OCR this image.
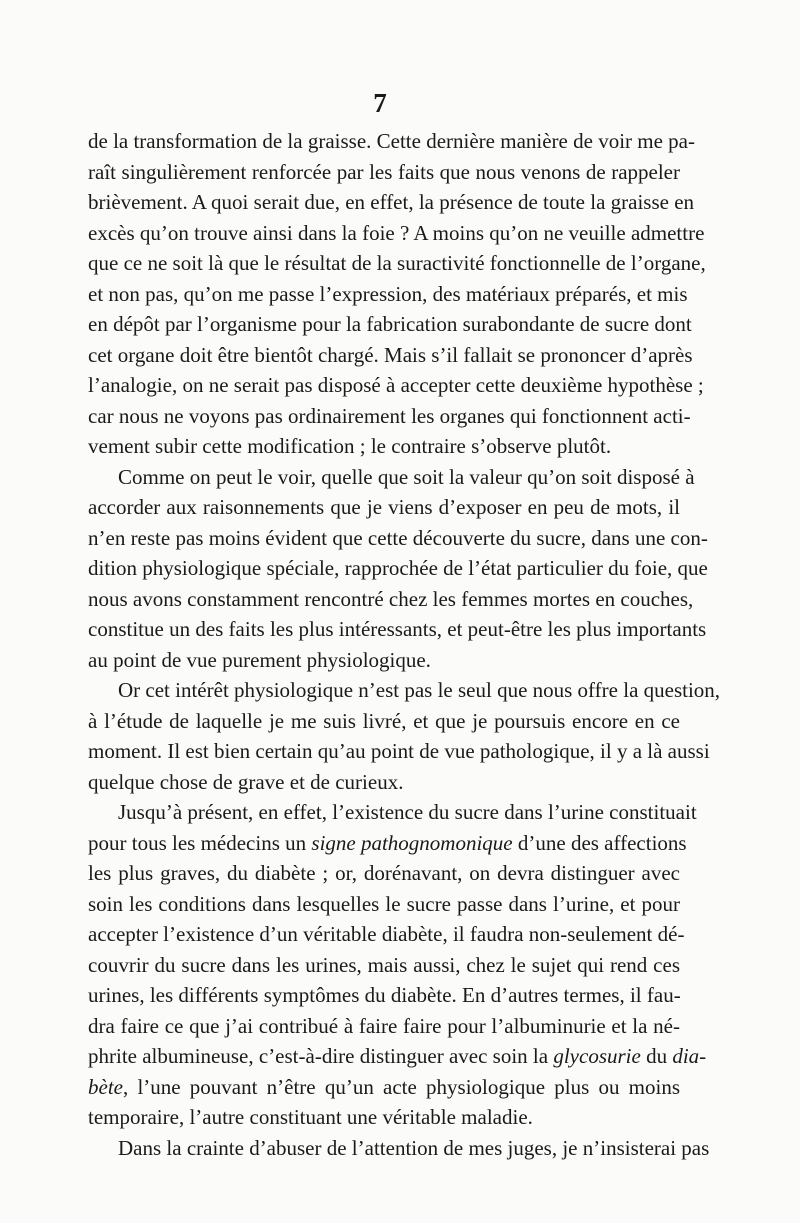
7
de la transformation de la graisse. Cette dernière manière de voir me pa-
raît singulièrement renforcée par les faits que nous venons de rappeler
brièvement. A quoi serait due, en effet, la présence de toute la graisse en
excès qu’on trouve ainsi dans la foie ? A moins qu’on ne veuille admettre
que ce ne soit là que le résultat de la suractivité fonctionnelle de l’organe,
et non pas, qu’on me passe l’expression, des matériaux préparés, et mis
en dépôt par l’organisme pour la fabrication surabondante de sucre dont
cet organe doit être bientôt chargé. Mais s’il fallait se prononcer d’après
l’analogie, on ne serait pas disposé à accepter cette deuxième hypothèse ;
car nous ne voyons pas ordinairement les organes qui fonctionnent acti-
vement subir cette modification ; le contraire s’observe plutôt.
Comme on peut le voir, quelle que soit la valeur qu’on soit disposé à
accorder aux raisonnements que je viens d’exposer en peu de mots, il
n’en reste pas moins évident que cette découverte du sucre, dans une con-
dition physiologique spéciale, rapprochée de l’état particulier du foie, que
nous avons constamment rencontré chez les femmes mortes en couches,
constitue un des faits les plus intéressants, et peut-être les plus importants
au point de vue purement physiologique.
Or cet intérêt physiologique n’est pas le seul que nous offre la question,
à l’étude de laquelle je me suis livré, et que je poursuis encore en ce
moment. Il est bien certain qu’au point de vue pathologique, il y a là aussi
quelque chose de grave et de curieux.
Jusqu’à présent, en effet, l’existence du sucre dans l’urine constituait
pour tous les médecins un signe pathognomonique d’une des affections
les plus graves, du diabète ; or, dorénavant, on devra distinguer avec
soin les conditions dans lesquelles le sucre passe dans l’urine, et pour
accepter l’existence d’un véritable diabète, il faudra non-seulement dé-
couvrir du sucre dans les urines, mais aussi, chez le sujet qui rend ces
urines, les différents symptômes du diabète. En d’autres termes, il fau-
dra faire ce que j’ai contribué à faire faire pour l’albuminurie et la né-
phrite albumineuse, c’est-à-dire distinguer avec soin la glycosurie du dia-
bète, l’une pouvant n’être qu’un acte physiologique plus ou moins
temporaire, l’autre constituant une véritable maladie.
Dans la crainte d’abuser de l’attention de mes juges, je n’insisterai pas
